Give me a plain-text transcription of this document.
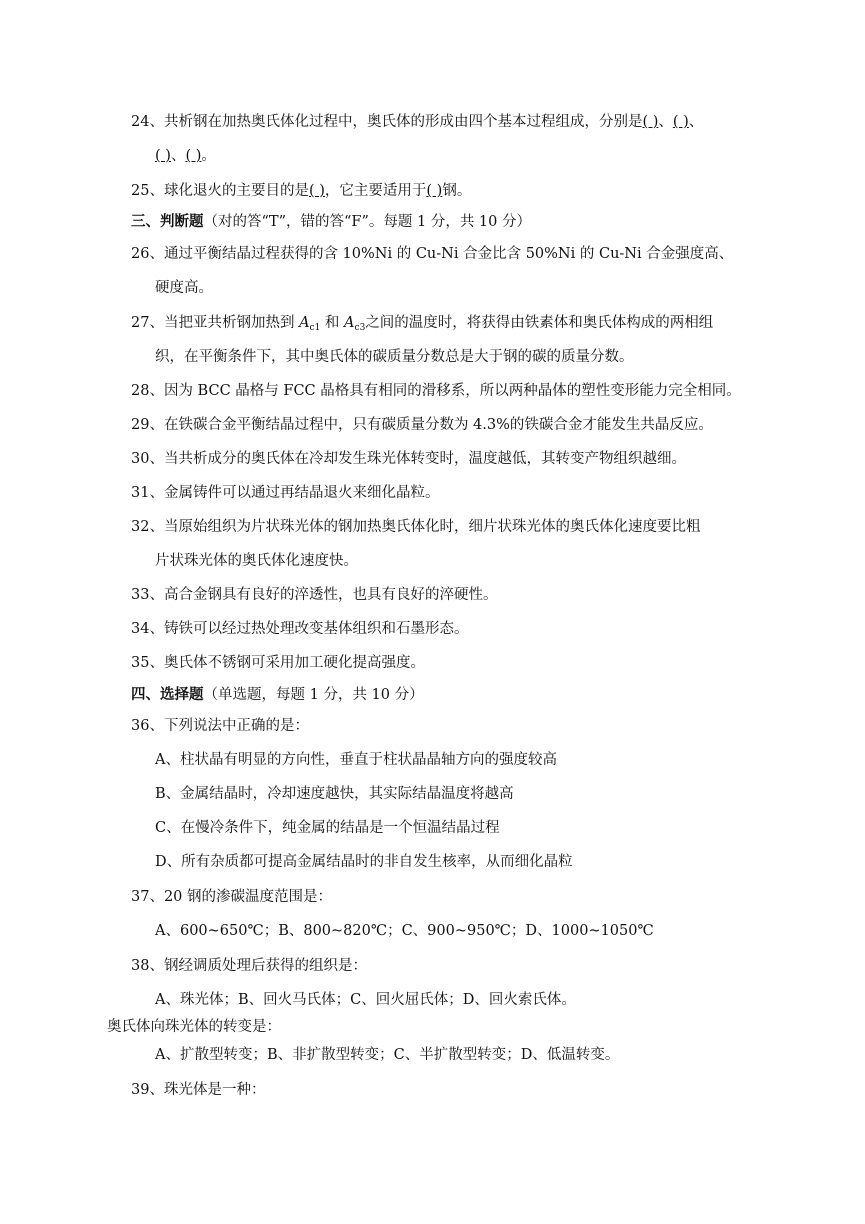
24、共析钢在加热奥氏体化过程中，奥氏体的形成由四个基本过程组成，分别是( )、( )、
( )、( )。
25、球化退火的主要目的是( )，它主要适用于( )钢。
三、判断题（对的答“T”，错的答“F”。每题 1 分，共 10 分）
26、通过平衡结晶过程获得的含 10%Ni 的 Cu-Ni 合金比含 50%Ni 的 Cu-Ni 合金强度高、
硬度高。
27、当把亚共析钢加热到 $A_{c1}$ 和 $A_{c3}$之间的温度时，将获得由铁素体和奥氏体构成的两相组
织，在平衡条件下，其中奥氏体的碳质量分数总是大于钢的碳的质量分数。
28、因为 BCC 晶格与 FCC 晶格具有相同的滑移系，所以两种晶体的塑性变形能力完全相同。
29、在铁碳合金平衡结晶过程中，只有碳质量分数为 4.3%的铁碳合金才能发生共晶反应。
30、当共析成分的奥氏体在冷却发生珠光体转变时，温度越低，其转变产物组织越细。
31、金属铸件可以通过再结晶退火来细化晶粒。
32、当原始组织为片状珠光体的钢加热奥氏体化时，细片状珠光体的奥氏体化速度要比粗
片状珠光体的奥氏体化速度快。
33、高合金钢具有良好的淬透性，也具有良好的淬硬性。
34、铸铁可以经过热处理改变基体组织和石墨形态。
35、奥氏体不锈钢可采用加工硬化提高强度。
四、选择题（单选题，每题 1 分，共 10 分）
36、下列说法中正确的是：
A、柱状晶有明显的方向性，垂直于柱状晶晶轴方向的强度较高
B、金属结晶时，冷却速度越快，其实际结晶温度将越高
C、在慢冷条件下，纯金属的结晶是一个恒温结晶过程
D、所有杂质都可提高金属结晶时的非自发生核率，从而细化晶粒
37、20 钢的渗碳温度范围是：
A、600~650℃；B、800~820℃；C、900~950℃；D、1000~1050℃
38、钢经调质处理后获得的组织是：
A、珠光体；B、回火马氏体；C、回火屈氏体；D、回火索氏体。
奥氏体向珠光体的转变是：
A、扩散型转变；B、非扩散型转变；C、半扩散型转变；D、低温转变。
39、珠光体是一种：
